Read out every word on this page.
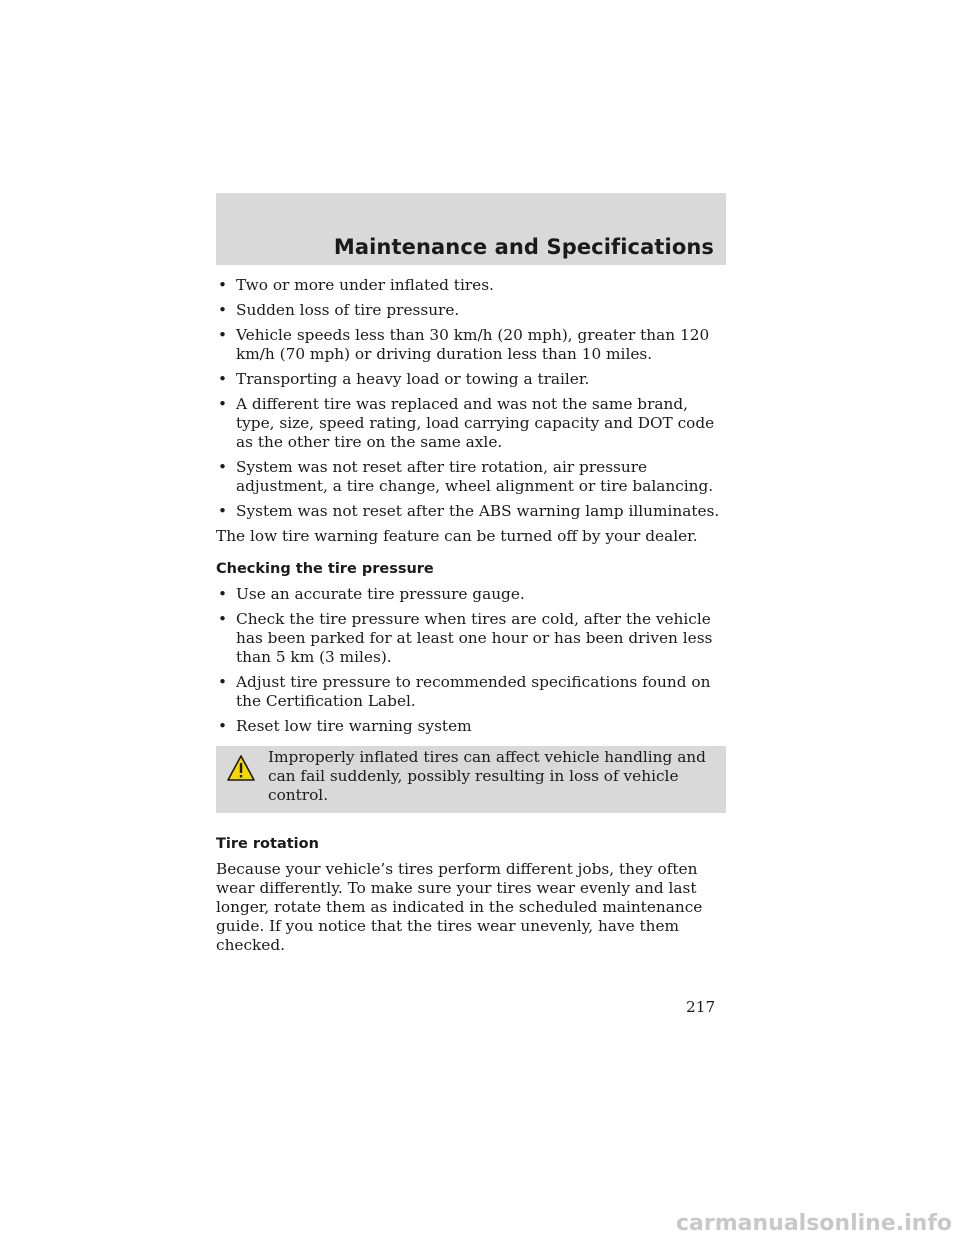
Maintenance and Specifications
• Two or more under inflated tires.
• Sudden loss of tire pressure.
• Vehicle speeds less than 30 km/h (20 mph), greater than 120 km/h (70 mph) or driving duration less than 10 miles.
• Transporting a heavy load or towing a trailer.
• A different tire was replaced and was not the same brand, type, size, speed rating, load carrying capacity and DOT code as the other tire on the same axle.
• System was not reset after tire rotation, air pressure adjustment, a tire change, wheel alignment or tire balancing.
• System was not reset after the ABS warning lamp illuminates.

The low tire warning feature can be turned off by your dealer.

Checking the tire pressure
• Use an accurate tire pressure gauge.
• Check the tire pressure when tires are cold, after the vehicle has been parked for at least one hour or has been driven less than 5 km (3 miles).
• Adjust tire pressure to recommended specifications found on the Certification Label.
• Reset low tire warning system
Improperly inflated tires can affect vehicle handling and can fail suddenly, possibly resulting in loss of vehicle control.
Tire rotation

Because your vehicle’s tires perform different jobs, they often wear differently. To make sure your tires wear evenly and last longer, rotate them as indicated in the scheduled maintenance guide. If you notice that the tires wear unevenly, have them checked.

217
carmanualsonline.info
